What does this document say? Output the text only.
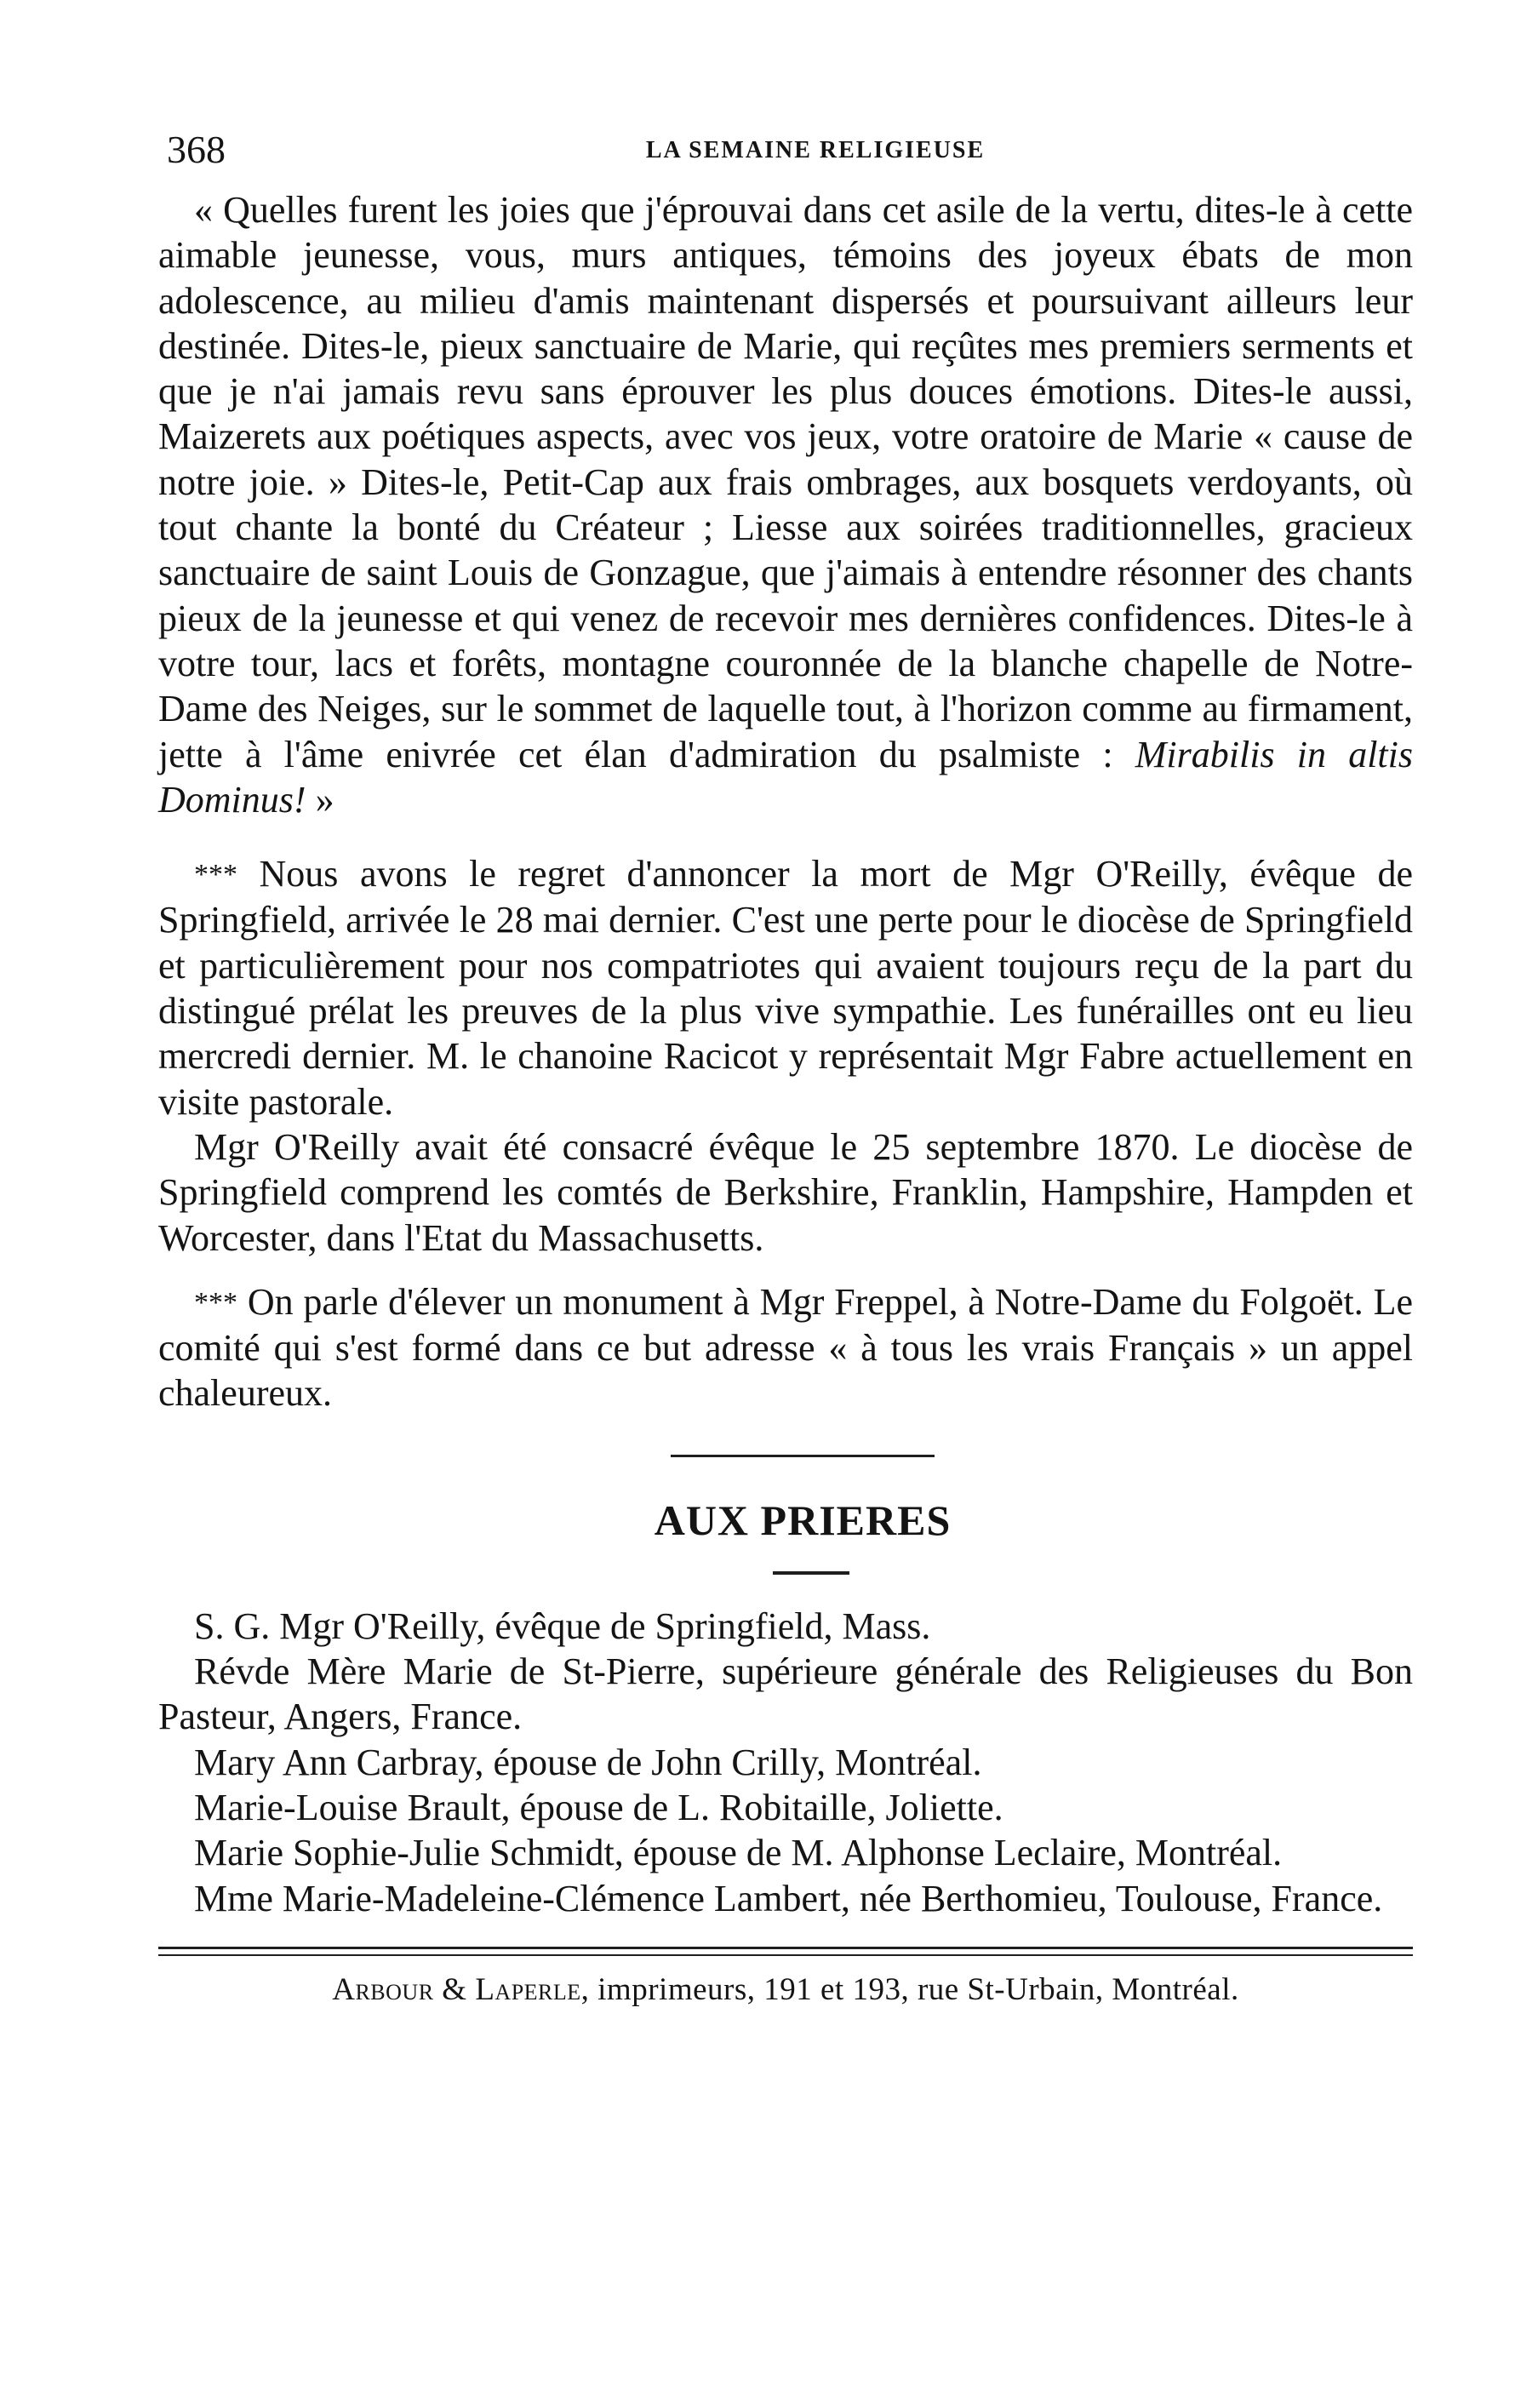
368	LA SEMAINE RELIGIEUSE

« Quelles furent les joies que j'éprouvai dans cet asile de la vertu, dites-le à cette aimable jeunesse, vous, murs antiques, témoins des joyeux ébats de mon adolescence, au milieu d'amis maintenant dispersés et poursuivant ailleurs leur destinée. Dites-le, pieux sanctuaire de Marie, qui reçûtes mes premiers serments et que je n'ai jamais revu sans éprouver les plus douces émotions. Dites-le aussi, Maizerets aux poétiques aspects, avec vos jeux, votre oratoire de Marie « cause de notre joie. » Dites-le, Petit-Cap aux frais ombrages, aux bosquets verdoyants, où tout chante la bonté du Créateur ; Liesse aux soirées traditionnelles, gracieux sanctuaire de saint Louis de Gonzague, que j'aimais à entendre résonner des chants pieux de la jeunesse et qui venez de recevoir mes dernières confidences. Dites-le à votre tour, lacs et forêts, montagne couronnée de la blanche chapelle de Notre-Dame des Neiges, sur le sommet de laquelle tout, à l'horizon comme au firmament, jette à l'âme enivrée cet élan d'admiration du psalmiste : Mirabilis in altis Dominus! »

*** Nous avons le regret d'annoncer la mort de Mgr O'Reilly, évêque de Springfield, arrivée le 28 mai dernier. C'est une perte pour le diocèse de Springfield et particulièrement pour nos compatriotes qui avaient toujours reçu de la part du distingué prélat les preuves de la plus vive sympathie. Les funérailles ont eu lieu mercredi dernier. M. le chanoine Racicot y représentait Mgr Fabre actuellement en visite pastorale.

Mgr O'Reilly avait été consacré évêque le 25 septembre 1870. Le diocèse de Springfield comprend les comtés de Berkshire, Franklin, Hampshire, Hampden et Worcester, dans l'Etat du Massachusetts.

*** On parle d'élever un monument à Mgr Freppel, à Notre-Dame du Folgoët. Le comité qui s'est formé dans ce but adresse « à tous les vrais Français » un appel chaleureux.

AUX PRIERES

S. G. Mgr O'Reilly, évêque de Springfield, Mass.

Révde Mère Marie de St-Pierre, supérieure générale des Religieuses du Bon Pasteur, Angers, France.

Mary Ann Carbray, épouse de John Crilly, Montréal.

Marie-Louise Brault, épouse de L. Robitaille, Joliette.

Marie Sophie-Julie Schmidt, épouse de M. Alphonse Leclaire, Montréal.

Mme Marie-Madeleine-Clémence Lambert, née Berthomieu, Toulouse, France.

Arbour & Laperle, imprimeurs, 191 et 193, rue St-Urbain, Montréal.
